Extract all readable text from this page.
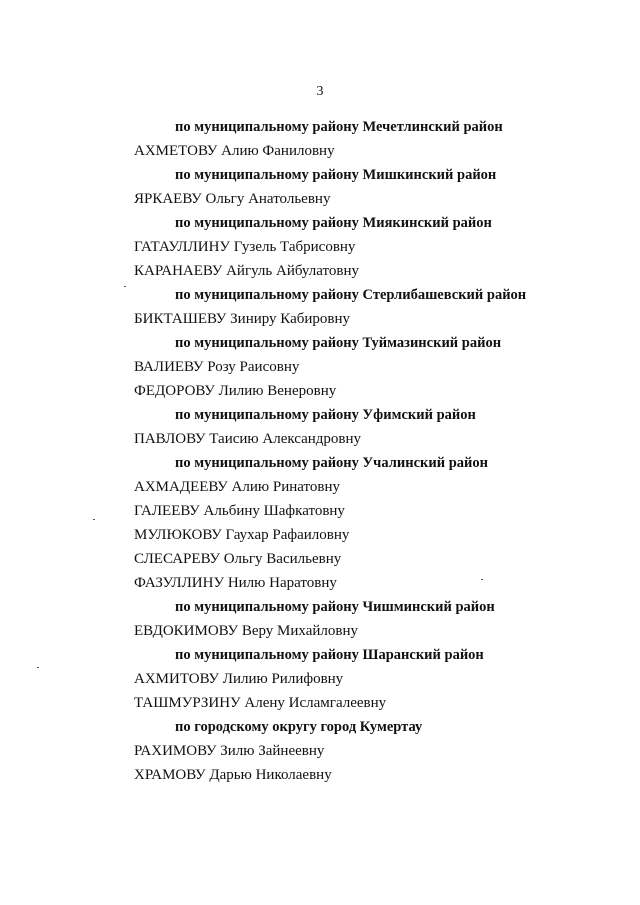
3
по муниципальному району Мечетлинский район
АХМЕТОВУ Алию Фаниловну
по муниципальному району Мишкинский район
ЯРКАЕВУ Ольгу Анатольевну
по муниципальному району Миякинский район
ГАТАУЛЛИНУ Гузель Табрисовну
КАРАНАЕВУ Айгуль Айбулатовну
по муниципальному району Стерлибашевский район
БИКТАШЕВУ Зиниру Кабировну
по муниципальному району Туймазинский район
ВАЛИЕВУ Розу Раисовну
ФЕДОРОВУ Лилию Венеровну
по муниципальному району Уфимский район
ПАВЛОВУ Таисию Александровну
по муниципальному району Учалинский район
АХМАДЕЕВУ Алию Ринатовну
ГАЛЕЕВУ Альбину Шафкатовну
МУЛЮКОВУ Гаухар Рафаиловну
СЛЕСАРЕВУ Ольгу Васильевну
ФАЗУЛЛИНУ Нилю Наратовну
по муниципальному району Чишминский район
ЕВДОКИМОВУ Веру Михайловну
по муниципальному району Шаранский район
АХМИТОВУ Лилию Рилифовну
ТАШМУРЗИНУ Алену Исламгалеевну
по городскому округу город Кумертау
РАХИМОВУ Зилю Зайнеевну
ХРАМОВУ Дарью Николаевну
